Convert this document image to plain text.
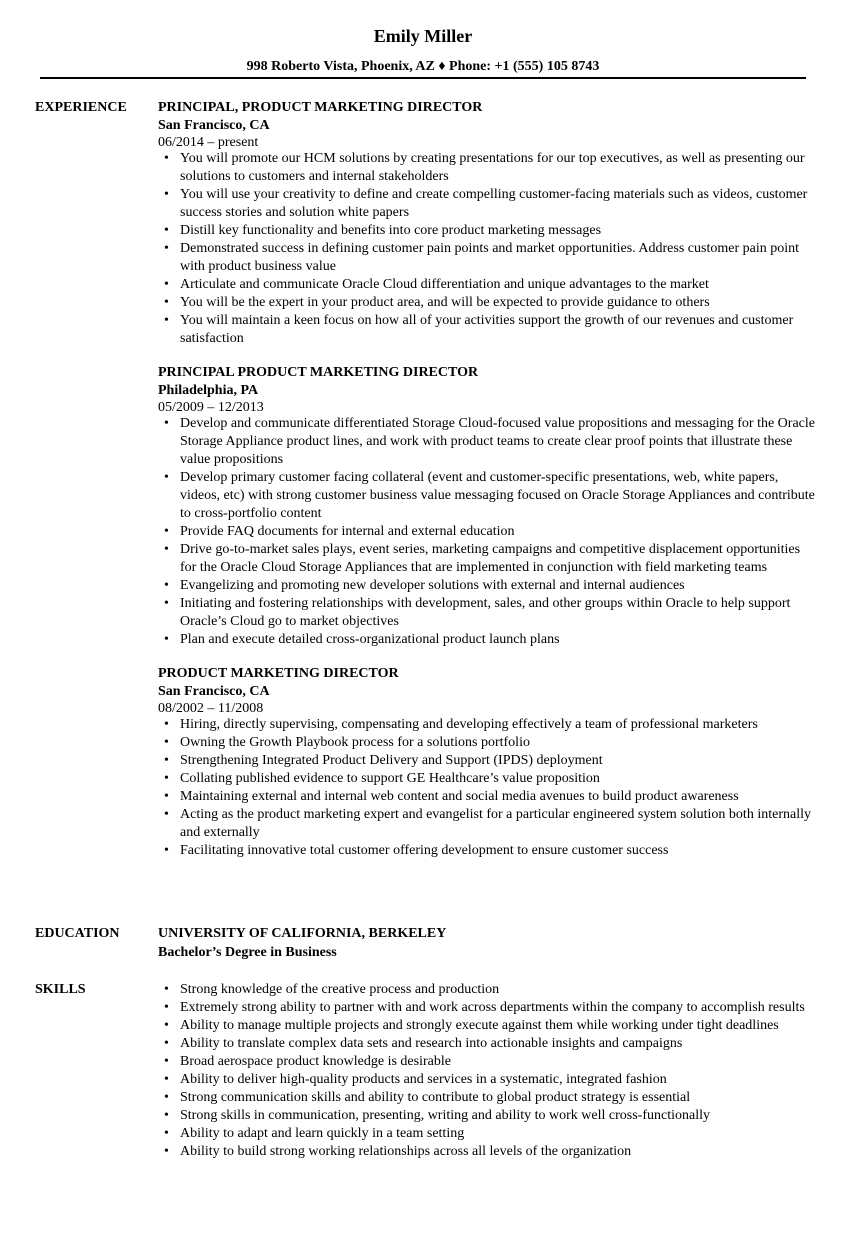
Emily Miller
998 Roberto Vista, Phoenix, AZ ♦ Phone: +1 (555) 105 8743
EXPERIENCE PRINCIPAL, PRODUCT MARKETING DIRECTOR
San Francisco, CA
06/2014 – present
• You will promote our HCM solutions by creating presentations for our top executives, as well as presenting our solutions to customers and internal stakeholders
• You will use your creativity to define and create compelling customer-facing materials such as videos, customer success stories and solution white papers
• Distill key functionality and benefits into core product marketing messages
• Demonstrated success in defining customer pain points and market opportunities. Address customer pain point with product business value
• Articulate and communicate Oracle Cloud differentiation and unique advantages to the market
• You will be the expert in your product area, and will be expected to provide guidance to others
• You will maintain a keen focus on how all of your activities support the growth of our revenues and customer satisfaction
PRINCIPAL PRODUCT MARKETING DIRECTOR
Philadelphia, PA
05/2009 – 12/2013
• Develop and communicate differentiated Storage Cloud-focused value propositions and messaging for the Oracle Storage Appliance product lines, and work with product teams to create clear proof points that illustrate these value propositions
• Develop primary customer facing collateral (event and customer-specific presentations, web, white papers, videos, etc) with strong customer business value messaging focused on Oracle Storage Appliances and contribute to cross-portfolio content
• Provide FAQ documents for internal and external education
• Drive go-to-market sales plays, event series, marketing campaigns and competitive displacement opportunities for the Oracle Cloud Storage Appliances that are implemented in conjunction with field marketing teams
• Evangelizing and promoting new developer solutions with external and internal audiences
• Initiating and fostering relationships with development, sales, and other groups within Oracle to help support Oracle’s Cloud go to market objectives
• Plan and execute detailed cross-organizational product launch plans
PRODUCT MARKETING DIRECTOR
San Francisco, CA
08/2002 – 11/2008
• Hiring, directly supervising, compensating and developing effectively a team of professional marketers
• Owning the Growth Playbook process for a solutions portfolio
• Strengthening Integrated Product Delivery and Support (IPDS) deployment
• Collating published evidence to support GE Healthcare’s value proposition
• Maintaining external and internal web content and social media avenues to build product awareness
• Acting as the product marketing expert and evangelist for a particular engineered system solution both internally and externally
• Facilitating innovative total customer offering development to ensure customer success
EDUCATION	UNIVERSITY OF CALIFORNIA, BERKELEY
Bachelor’s Degree in Business
SKILLS
•	Strong knowledge of the creative process and production
• Extremely strong ability to partner with and work across departments within the company to accomplish results
• Ability to manage multiple projects and strongly execute against them while working under tight deadlines
• Ability to translate complex data sets and research into actionable insights and campaigns
• Broad aerospace product knowledge is desirable
• Ability to deliver high-quality products and services in a systematic, integrated fashion
• Strong communication skills and ability to contribute to global product strategy is essential
• Strong skills in communication, presenting, writing and ability to work well cross-functionally
• Ability to adapt and learn quickly in a team setting
• Ability to build strong working relationships across all levels of the organization
